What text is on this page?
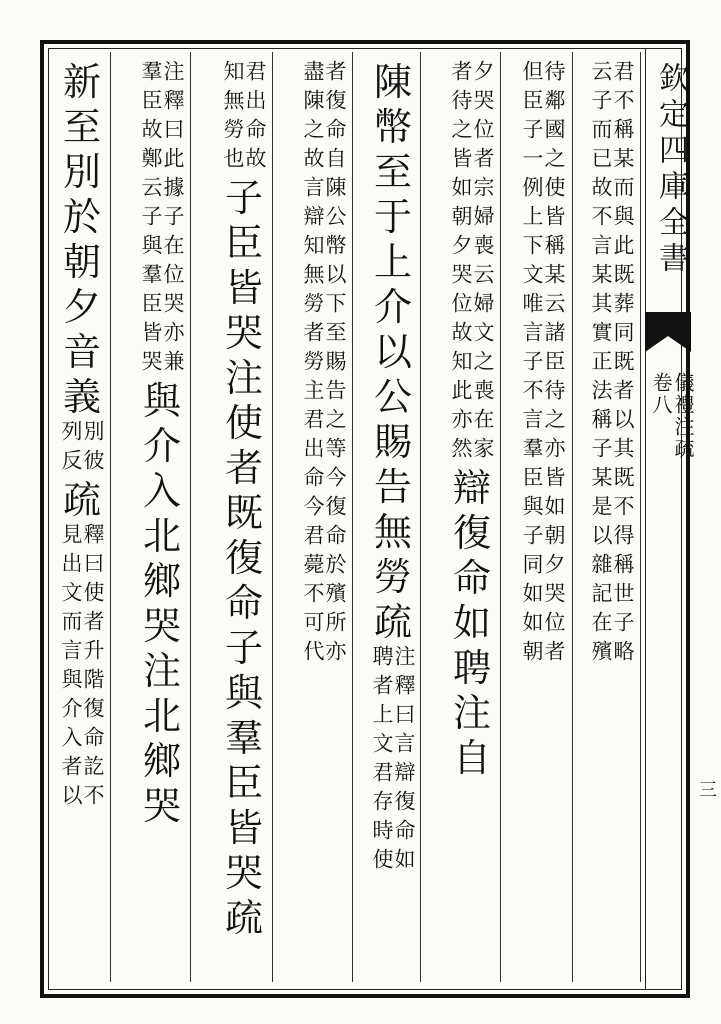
欽定四庫全書
儀禮注疏
卷八
三
君不稱某而與此既葬同既者以其既不得稱世子略
云子而已故不言某其實正法稱子某是以雜記在殯
待鄰國之使皆稱某云諸臣待之亦皆如朝夕哭位者
但臣子一例上下文唯言子不言羣臣與子同如如朝
夕哭位者宗婦喪云婦文之喪在家
者待之皆如朝夕哭位故知此亦然
辯
復
命
如
聘
注
自
陳
幣
至
于
上
介
以
公
賜
告
無
勞
疏
注釋曰言辯復命如
聘者上文君存時使
者復命自陳公幣以下至賜告之等今復命於殯所亦
盡陳之故言辯知無勞者勞主君出命今君薨不可代
君出命故
知無勞也
子
臣
皆
哭
注
使
者
既
復
命
子
與
羣
臣
皆
哭
疏
注釋曰此據子在位哭亦兼
羣臣故鄭云子與羣臣皆哭
與
介
入
北
鄉
哭
注
北
鄉
哭
新
至
別
於
朝
夕
音
義
別彼
列反
疏
釋曰使者升階復命訖不
見出文而言與介入者以
